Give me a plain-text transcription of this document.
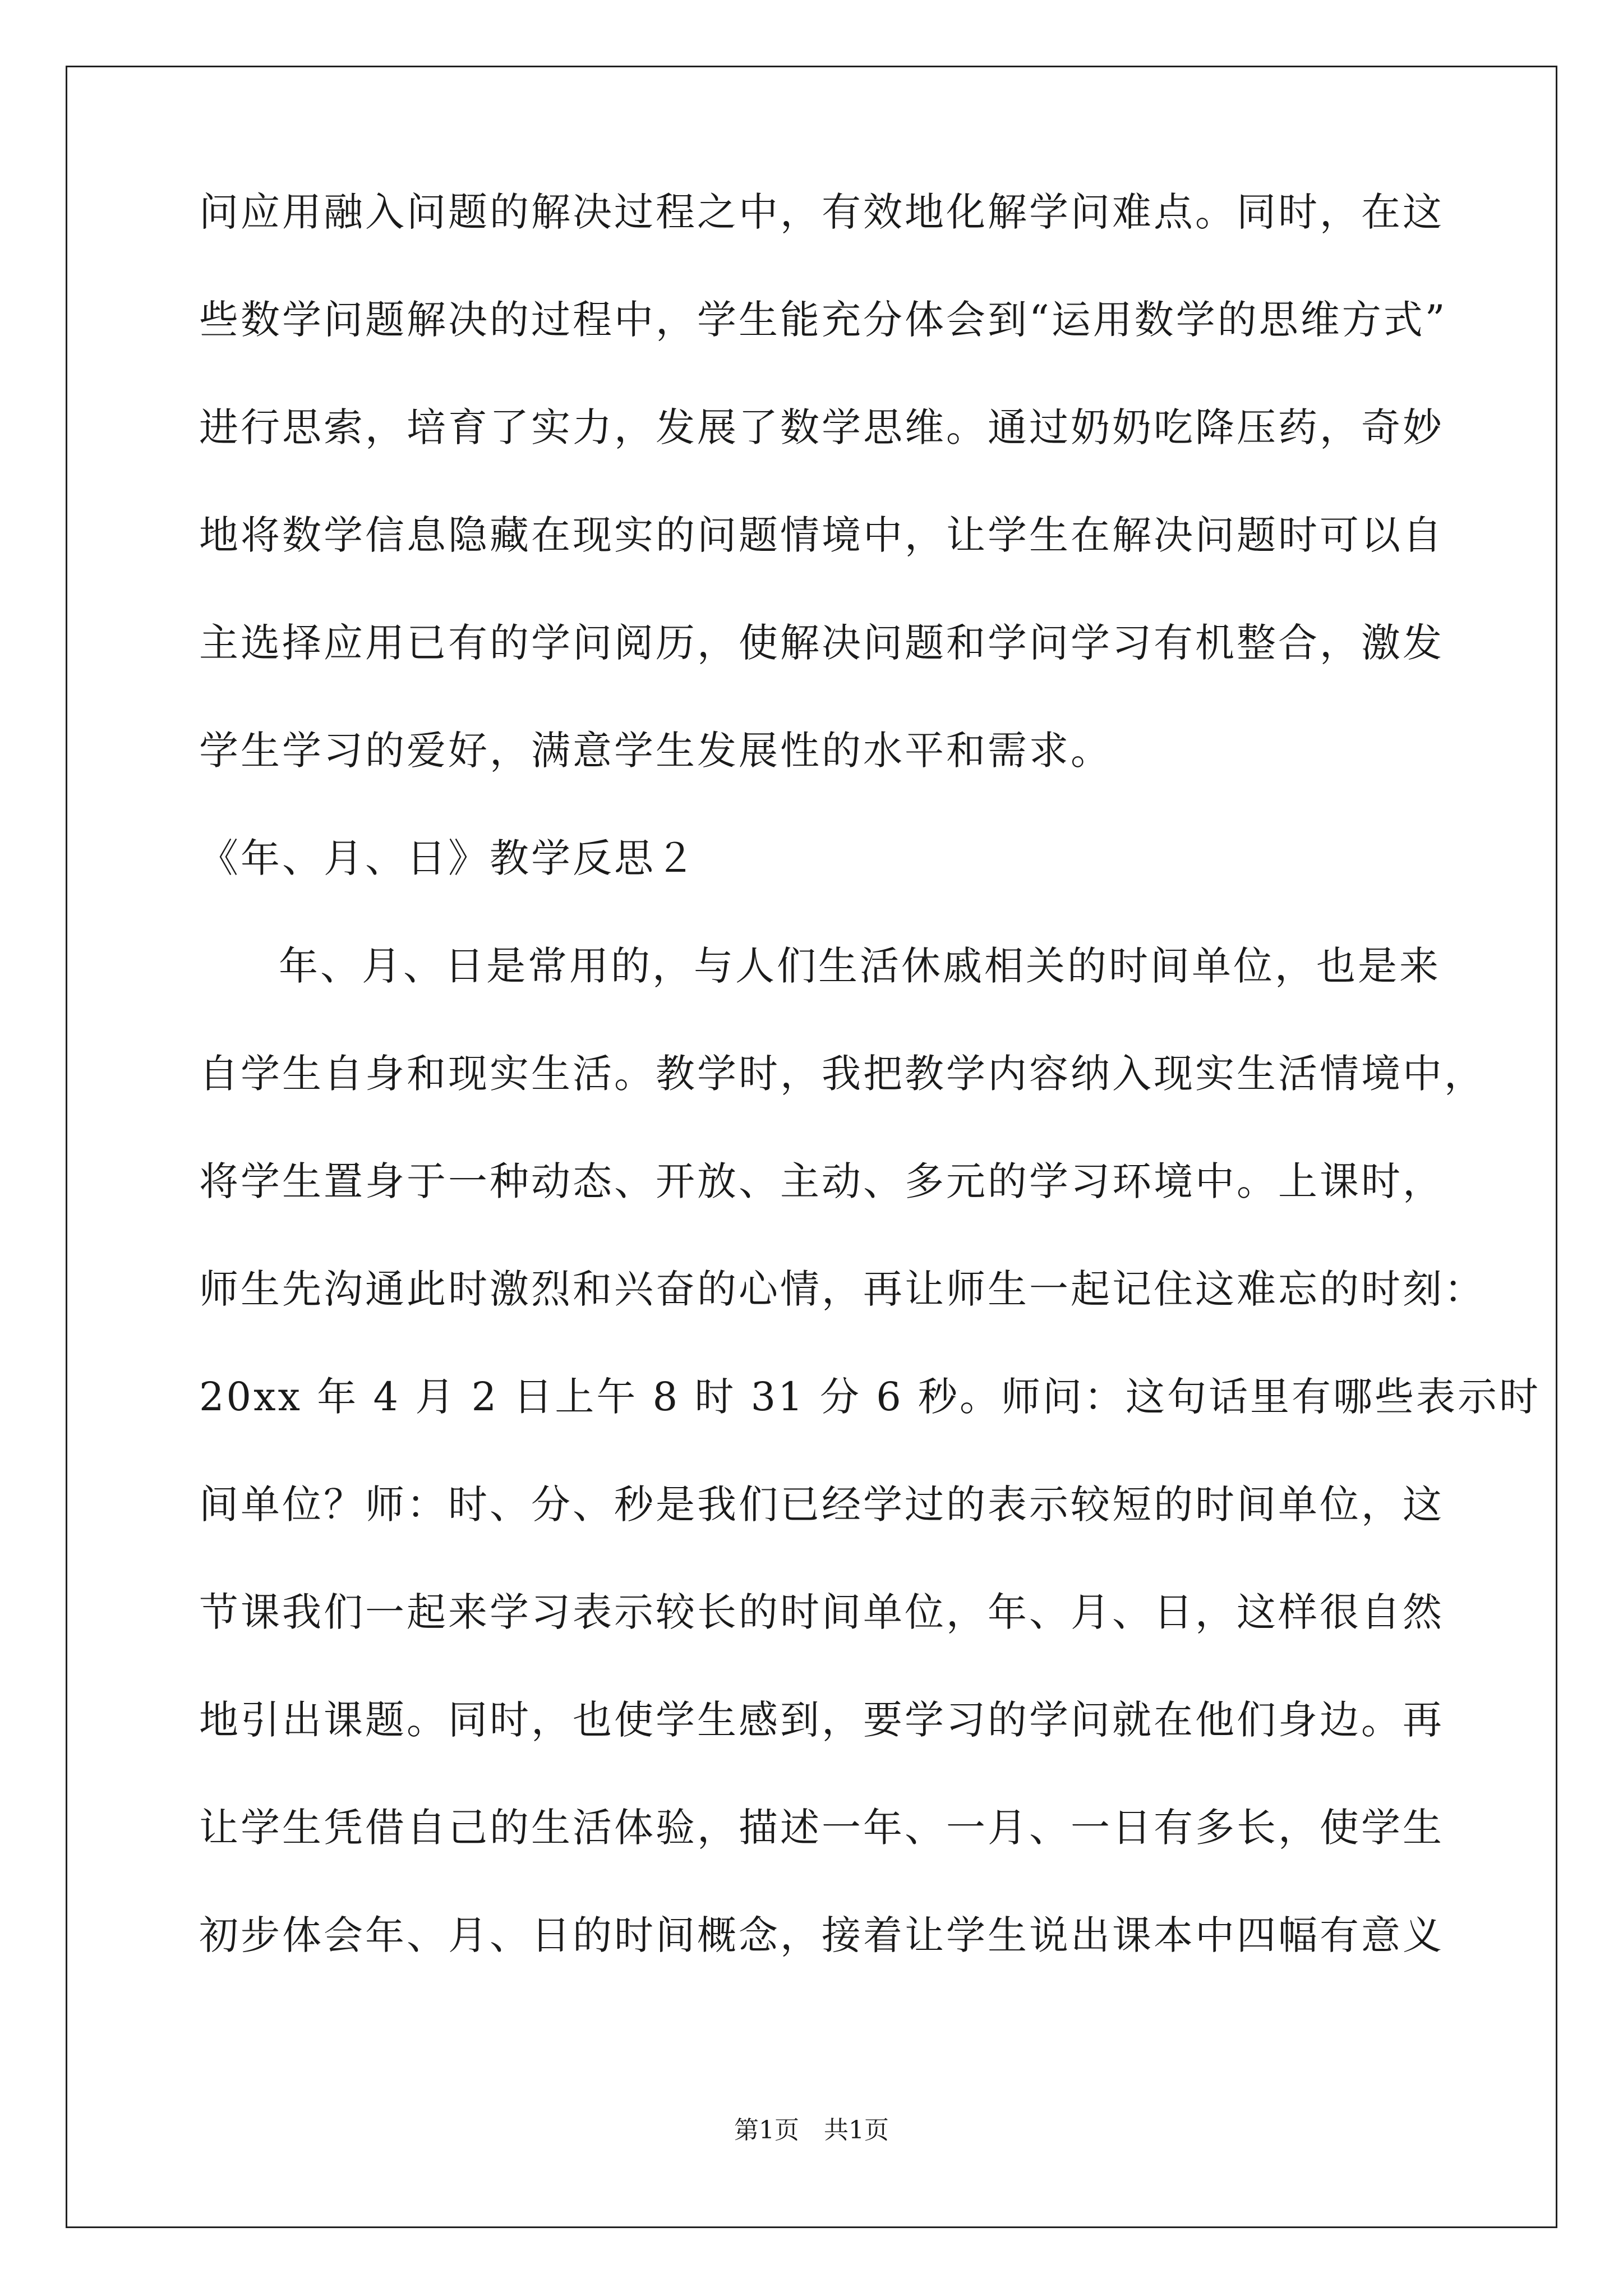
问应用融入问题的解决过程之中，有效地化解学问难点。同时，在这
些数学问题解决的过程中，学生能充分体会到“运用数学的思维方式”
进行思索，培育了实力，发展了数学思维。通过奶奶吃降压药，奇妙
地将数学信息隐藏在现实的问题情境中，让学生在解决问题时可以自
主选择应用已有的学问阅历，使解决问题和学问学习有机整合，激发
学生学习的爱好，满意学生发展性的水平和需求。
《年、月、日》教学反思２
年、月、日是常用的，与人们生活休戚相关的时间单位，也是来
自学生自身和现实生活。教学时，我把教学内容纳入现实生活情境中，
将学生置身于一种动态、开放、主动、多元的学习环境中。上课时，
师生先沟通此时激烈和兴奋的心情，再让师生一起记住这难忘的时刻：
20xx 年 4 月 2 日上午 8 时 31 分 6 秒。师问：这句话里有哪些表示时
间单位？师：时、分、秒是我们已经学过的表示较短的时间单位，这
节课我们一起来学习表示较长的时间单位，年、月、日，这样很自然
地引出课题。同时，也使学生感到，要学习的学问就在他们身边。再
让学生凭借自己的生活体验，描述一年、一月、一日有多长，使学生
初步体会年、月、日的时间概念，接着让学生说出课本中四幅有意义
第1页　共1页
